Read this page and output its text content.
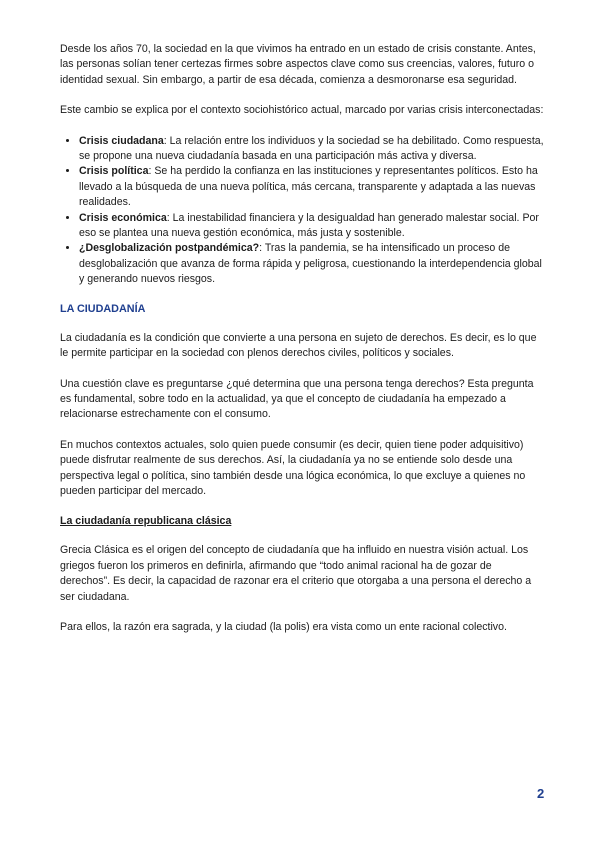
Desde los años 70, la sociedad en la que vivimos ha entrado en un estado de crisis constante. Antes, las personas solían tener certezas firmes sobre aspectos clave como sus creencias, valores, futuro o identidad sexual. Sin embargo, a partir de esa década, comienza a desmoronarse esa seguridad.

Este cambio se explica por el contexto sociohistórico actual, marcado por varias crisis interconectadas:

• Crisis ciudadana: La relación entre los individuos y la sociedad se ha debilitado. Como respuesta, se propone una nueva ciudadanía basada en una participación más activa y diversa.
• Crisis política: Se ha perdido la confianza en las instituciones y representantes políticos. Esto ha llevado a la búsqueda de una nueva política, más cercana, transparente y adaptada a las nuevas realidades.
• Crisis económica: La inestabilidad financiera y la desigualdad han generado malestar social. Por eso se plantea una nueva gestión económica, más justa y sostenible.
• ¿Desglobalización postpandémica?: Tras la pandemia, se ha intensificado un proceso de desglobalización que avanza de forma rápida y peligrosa, cuestionando la interdependencia global y generando nuevos riesgos.
LA CIUDADANÍA

La ciudadanía es la condición que convierte a una persona en sujeto de derechos. Es decir, es lo que le permite participar en la sociedad con plenos derechos civiles, políticos y sociales.

Una cuestión clave es preguntarse ¿qué determina que una persona tenga derechos? Esta pregunta es fundamental, sobre todo en la actualidad, ya que el concepto de ciudadanía ha empezado a relacionarse estrechamente con el consumo.

En muchos contextos actuales, solo quien puede consumir (es decir, quien tiene poder adquisitivo) puede disfrutar realmente de sus derechos. Así, la ciudadanía ya no se entiende solo desde una perspectiva legal o política, sino también desde una lógica económica, lo que excluye a quienes no pueden participar del mercado.

La ciudadanía republicana clásica

Grecia Clásica es el origen del concepto de ciudadanía que ha influido en nuestra visión actual. Los griegos fueron los primeros en definirla, afirmando que “todo animal racional ha de gozar de derechos”. Es decir, la capacidad de razonar era el criterio que otorgaba a una persona el derecho a ser ciudadana.

Para ellos, la razón era sagrada, y la ciudad (la polis) era vista como un ente racional colectivo.

2
